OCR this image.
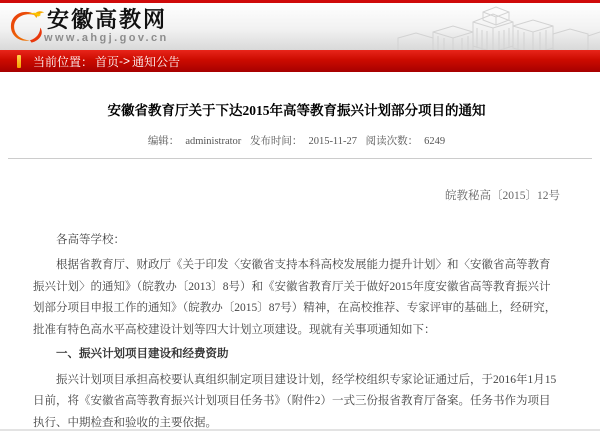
安徽高教网
www.ahgj.gov.cn
当前位置： 首页 -> 通知公告
安徽省教育厅关于下达2015年高等教育振兴计划部分项目的通知
编辑： administrator 发布时间： 2015-11-27 阅读次数： 6249
皖教秘高〔2015〕12号
各高等学校：

根据省教育厅、财政厅《关于印发〈安徽省支持本科高校发展能力提升计划〉和〈安徽省高等教育振兴计划〉的通知》（皖教办〔2013〕8号）和《安徽省教育厅关于做好2015年度安徽省高等教育振兴计划部分项目申报工作的通知》（皖教办〔2015〕87号）精神，在高校推荐、专家评审的基础上，经研究，批准有特色高水平高校建设计划等四大计划立项建设。现就有关事项通知如下：

一、振兴计划项目建设和经费资助

振兴计划项目承担高校要认真组织制定项目建设计划，经学校组织专家论证通过后，于2016年1月15日前，将《安徽省高等教育振兴计划项目任务书》（附件2）一式三份报省教育厅备案。任务书作为项目执行、中期检查和验收的主要依据。
